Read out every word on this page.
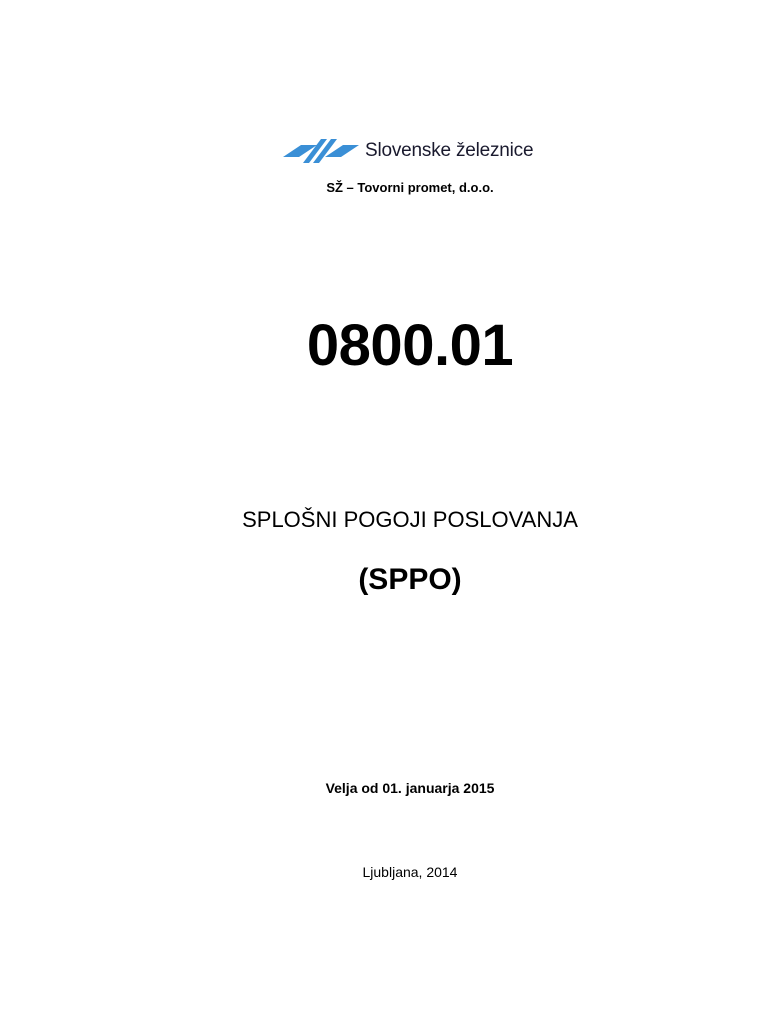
Slovenske železnice
SŽ – Tovorni promet, d.o.o.
0800.01
SPLOŠNI POGOJI POSLOVANJA
(SPPO)
Velja od 01. januarja 2015
Ljubljana, 2014
